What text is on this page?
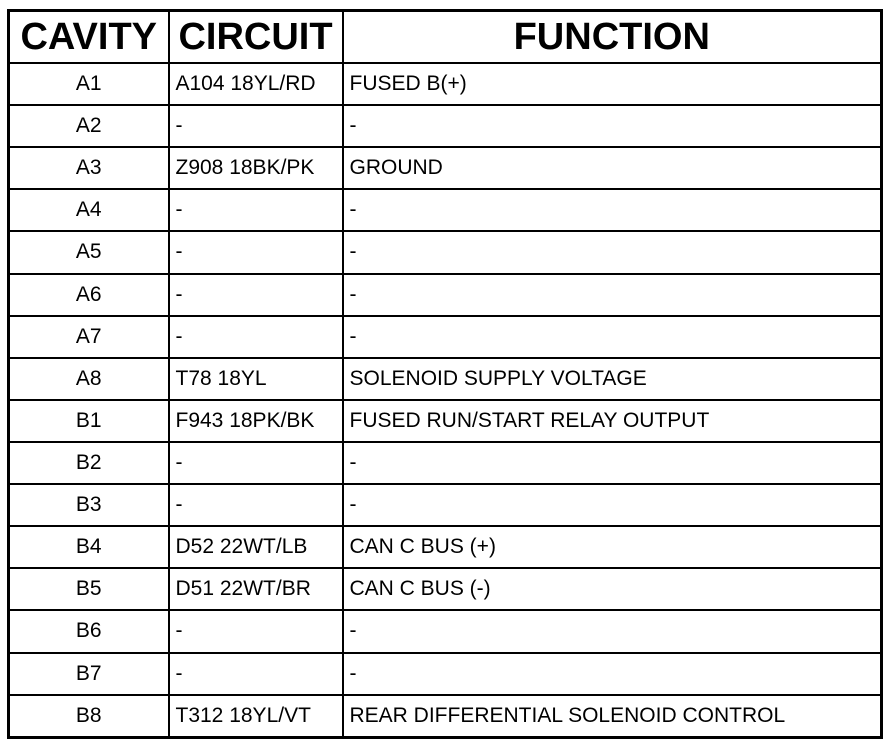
CAVITY	CIRCUIT	FUNCTION
A1	A104 18YL/RD	FUSED B(+)
A2	-	-
A3	Z908 18BK/PK	GROUND
A4	-	-
A5	-	-
A6	-	-
A7	-	-
A8	T78 18YL	SOLENOID SUPPLY VOLTAGE
B1	F943 18PK/BK	FUSED RUN/START RELAY OUTPUT
B2	-	-
B3	-	-
B4	D52 22WT/LB	CAN C BUS (+)
B5	D51 22WT/BR	CAN C BUS (-)
B6	-	-
B7	-	-
B8	T312 18YL/VT	REAR DIFFERENTIAL SOLENOID CONTROL
